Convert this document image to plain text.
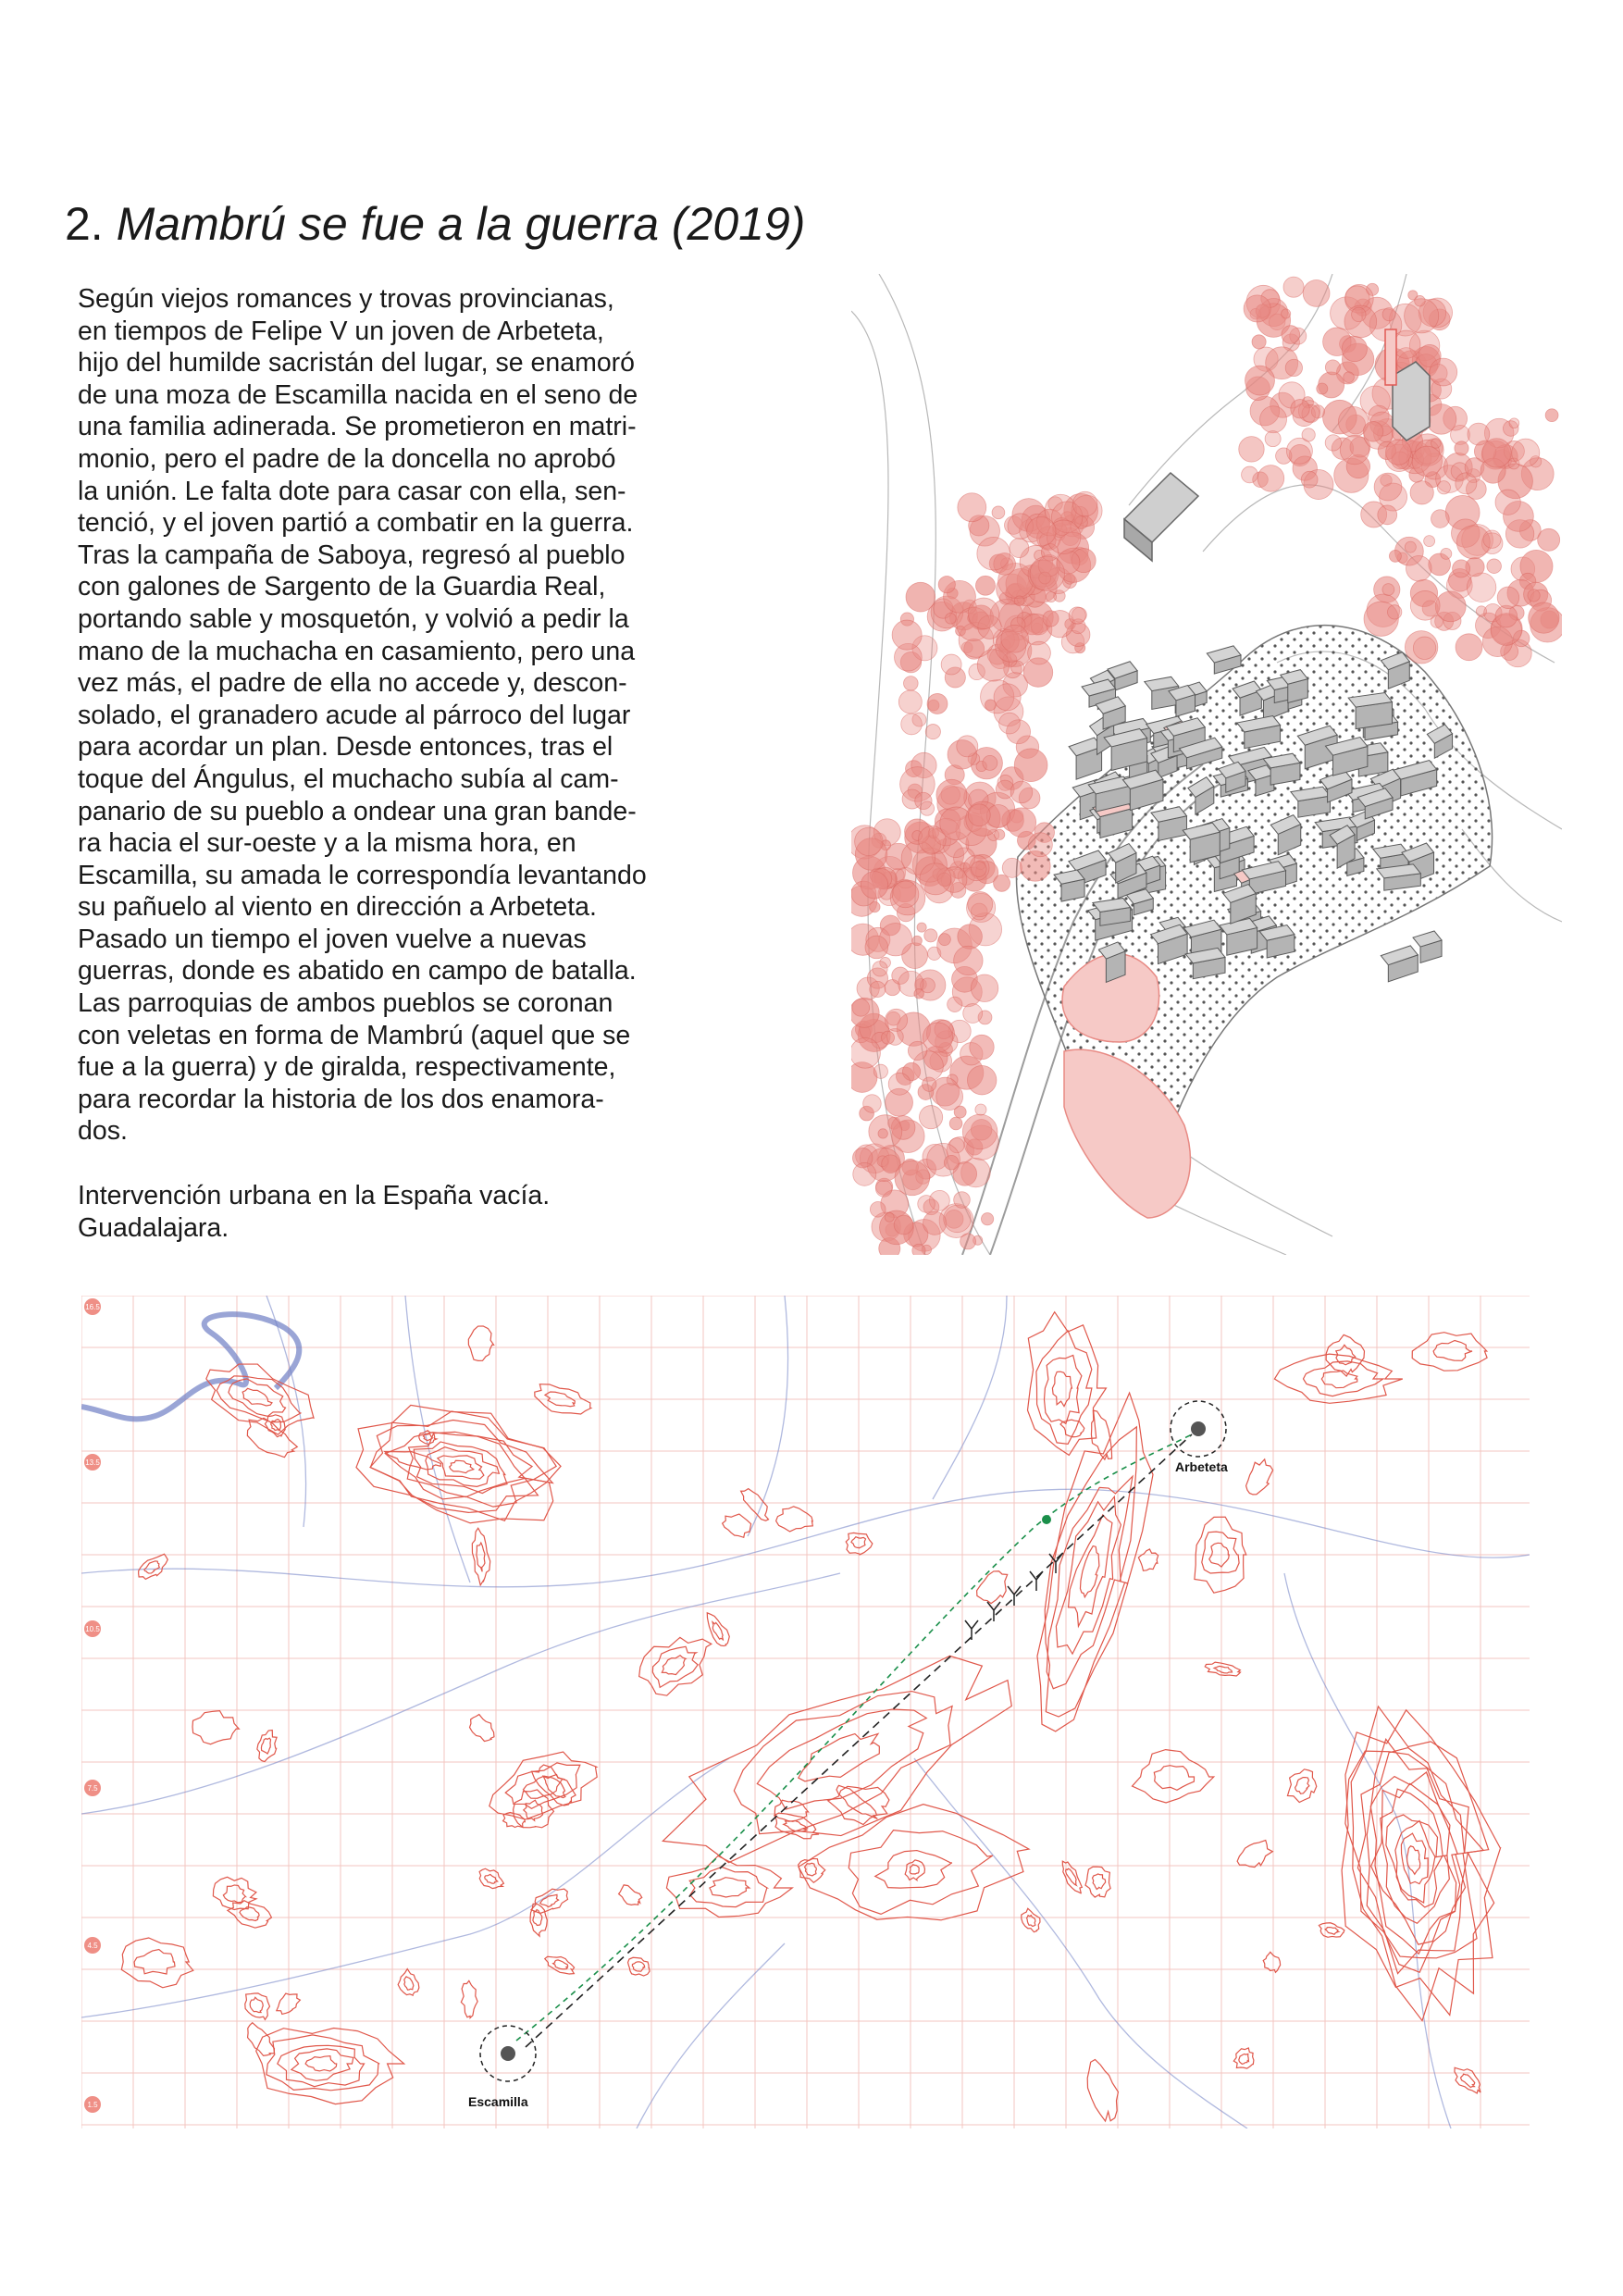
2. Mambrú se fue a la guerra (2019)

Según viejos romances y trovas provincianas,
en tiempos de Felipe V un joven de Arbeteta,
hijo del humilde sacristán del lugar, se enamoró
de una moza de Escamilla nacida en el seno de
una familia adinerada. Se prometieron en matri-
monio, pero el padre de la doncella no aprobó
la unión. Le falta dote para casar con ella, sen-
tenció, y el joven partió a combatir en la guerra.
Tras la campaña de Saboya, regresó al pueblo
con galones de Sargento de la Guardia Real,
portando sable y mosquetón, y volvió a pedir la
mano de la muchacha en casamiento, pero una
vez más, el padre de ella no accede y, descon-
solado, el granadero acude al párroco del lugar
para acordar un plan. Desde entonces, tras el
toque del Ángulus, el muchacho subía al cam-
panario de su pueblo a ondear una gran bande-
ra hacia el sur-oeste y a la misma hora, en
Escamilla, su amada le correspondía levantando
su pañuelo al viento en dirección a Arbeteta.
Pasado un tiempo el joven vuelve a nuevas
guerras, donde es abatido en campo de batalla.
Las parroquias de ambos pueblos se coronan
con veletas en forma de Mambrú (aquel que se
fue a la guerra) y de giralda, respectivamente,
para recordar la historia de los dos enamora-
dos.

Intervención urbana en la España vacía.
Guadalajara.

16.5
13.5
10.5
7.5
4.5
1.5
Arbeteta
Escamilla
